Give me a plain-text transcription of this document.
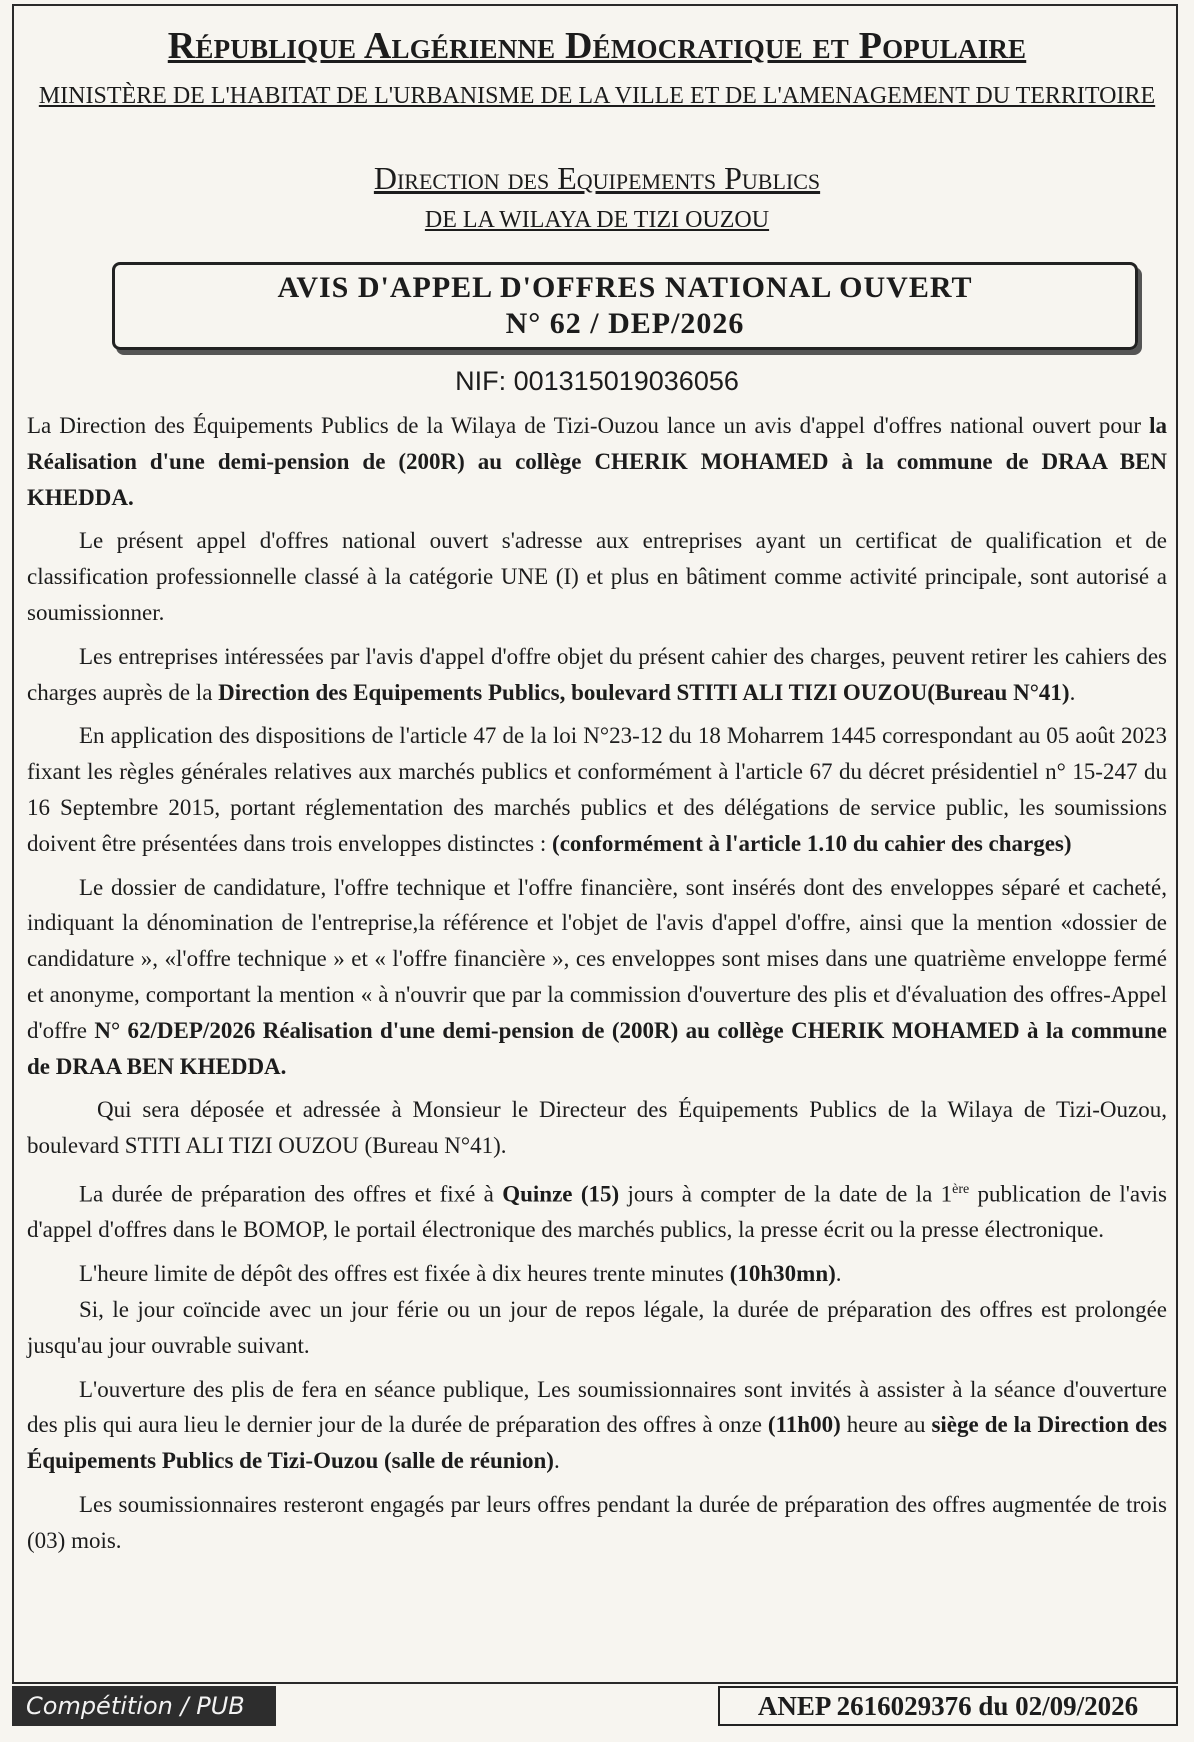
République Algérienne Démocratique et Populaire
MINISTÈRE DE L'HABITAT DE L'URBANISME DE LA VILLE ET DE L'AMENAGEMENT DU TERRITOIRE
Direction des Equipements Publics
DE LA WILAYA DE TIZI OUZOU
AVIS D'APPEL D'OFFRES NATIONAL OUVERT
N° 62 / DEP/2026
NIF: 001315019036056

La Direction des Équipements Publics de la Wilaya de Tizi-Ouzou lance un avis d'appel d'offres national ouvert pour la Réalisation d'une demi-pension de (200R) au collège CHERIK MOHAMED à la commune de DRAA BEN KHEDDA.

Le présent appel d'offres national ouvert s'adresse aux entreprises ayant un certificat de qualification et de classification professionnelle classé à la catégorie UNE (I) et plus en bâtiment comme activité principale, sont autorisé a soumissionner.

Les entreprises intéressées par l'avis d'appel d'offre objet du présent cahier des charges, peuvent retirer les cahiers des charges auprès de la Direction des Equipements Publics, boulevard STITI ALI TIZI OUZOU(Bureau N°41).

En application des dispositions de l'article 47 de la loi N°23-12 du 18 Moharrem 1445 correspondant au 05 août 2023 fixant les règles générales relatives aux marchés publics et conformément à l'article 67 du décret présidentiel n° 15-247 du 16 Septembre 2015, portant réglementation des marchés publics et des délégations de service public, les soumissions doivent être présentées dans trois enveloppes distinctes : (conformément à l'article 1.10 du cahier des charges)

Le dossier de candidature, l'offre technique et l'offre financière, sont insérés dont des enveloppes séparé et cacheté, indiquant la dénomination de l'entreprise,la référence et l'objet de l'avis d'appel d'offre, ainsi que la mention «dossier de candidature », «l'offre technique » et « l'offre financière », ces enveloppes sont mises dans une quatrième enveloppe fermé et anonyme, comportant la mention « à n'ouvrir que par la commission d'ouverture des plis et d'évaluation des offres-Appel d'offre N° 62/DEP/2026 Réalisation d'une demi-pension de (200R) au collège CHERIK MOHAMED à la commune de DRAA BEN KHEDDA.

Qui sera déposée et adressée à Monsieur le Directeur des Équipements Publics de la Wilaya de Tizi-Ouzou, boulevard STITI ALI TIZI OUZOU (Bureau N°41).

La durée de préparation des offres et fixé à Quinze (15) jours à compter de la date de la 1ère publication de l'avis d'appel d'offres dans le BOMOP, le portail électronique des marchés publics, la presse écrit ou la presse électronique.

L'heure limite de dépôt des offres est fixée à dix heures trente minutes (10h30mn).

Si, le jour coïncide avec un jour férie ou un jour de repos légale, la durée de préparation des offres est prolongée jusqu'au jour ouvrable suivant.

L'ouverture des plis de fera en séance publique, Les soumissionnaires sont invités à assister à la séance d'ouverture des plis qui aura lieu le dernier jour de la durée de préparation des offres à onze (11h00) heure au siège de la Direction des Équipements Publics de Tizi-Ouzou (salle de réunion).

Les soumissionnaires resteront engagés par leurs offres pendant la durée de préparation des offres augmentée de trois (03) mois.

Compétition / PUB	ANEP 2616029376 du 02/09/2026
